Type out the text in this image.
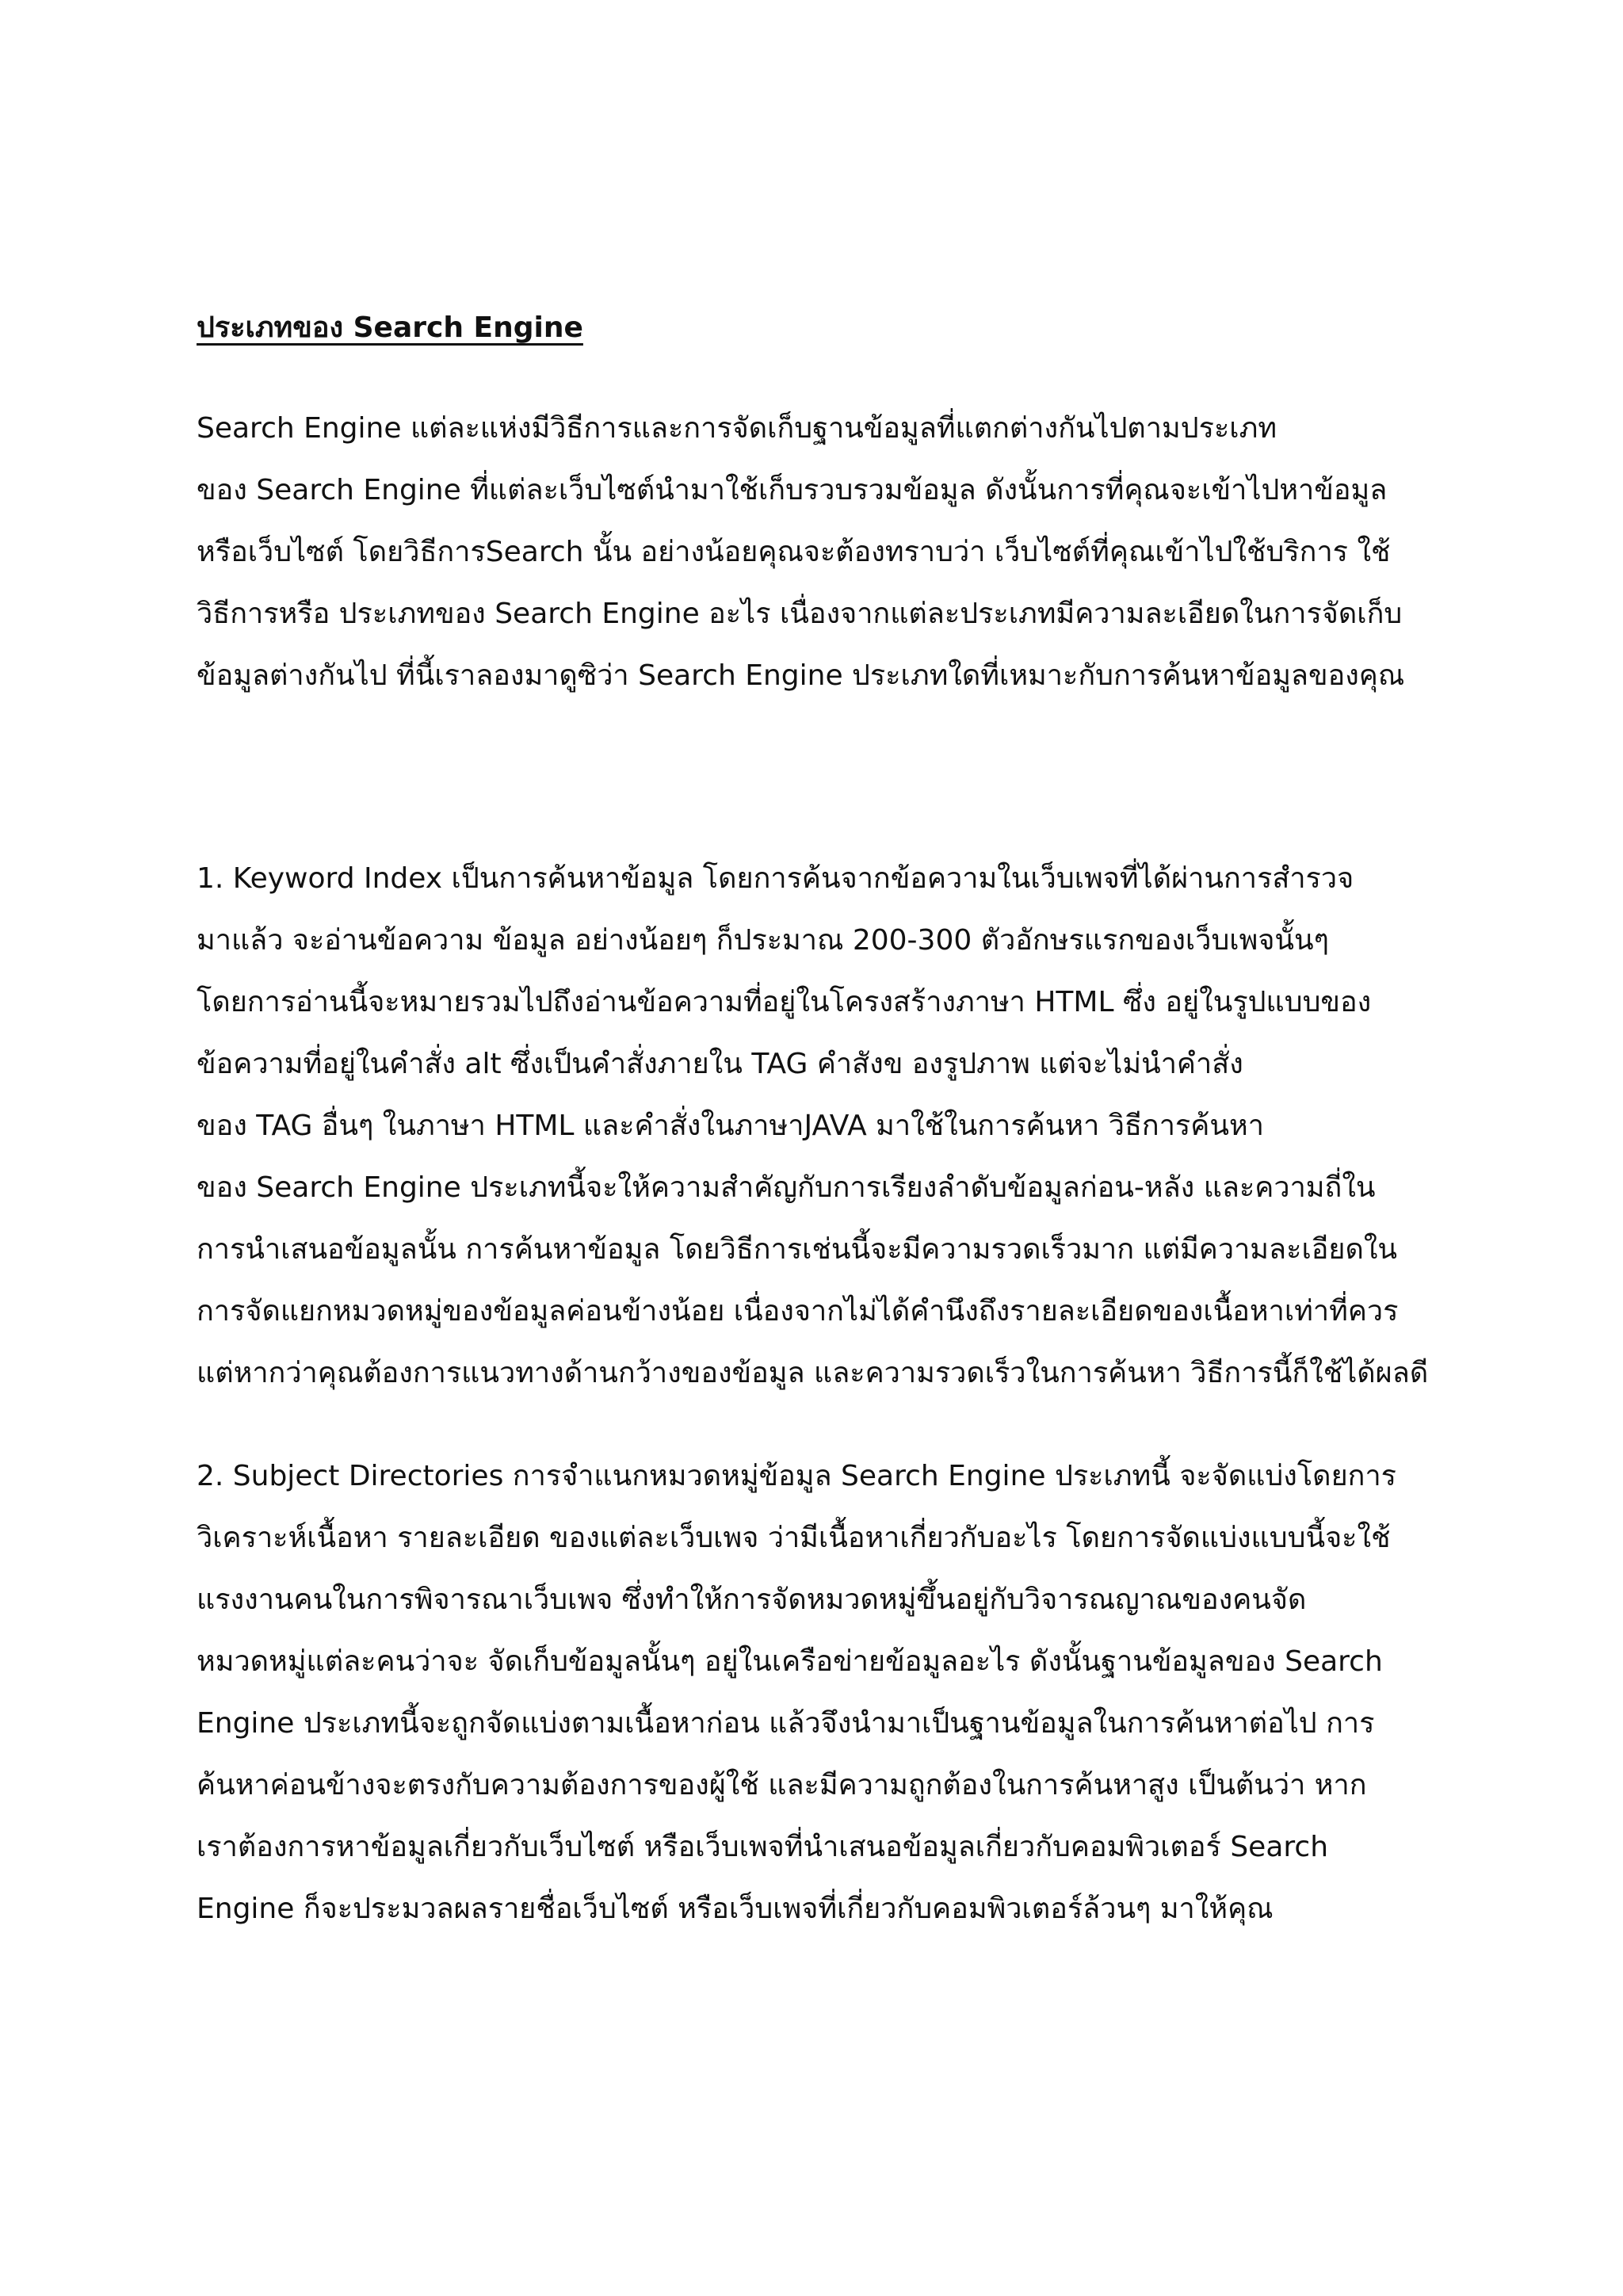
ประเภทของ Search Engine
Search Engine แต่ละแห่งมีวิธีการและการจัดเก็บฐานข้อมูลที่แตกต่างกันไปตามประเภท
ของ Search Engine ที่แต่ละเว็บไซต์นำมาใช้เก็บรวบรวมข้อมูล ดังนั้นการที่คุณจะเข้าไปหาข้อมูล
หรือเว็บไซต์ โดยวิธีการSearch นั้น อย่างน้อยคุณจะต้องทราบว่า เว็บไซต์ที่คุณเข้าไปใช้บริการ ใช้
วิธีการหรือ ประเภทของ Search Engine อะไร เนื่องจากแต่ละประเภทมีความละเอียดในการจัดเก็บ
ข้อมูลต่างกันไป ที่นี้เราลองมาดูซิว่า Search Engine ประเภทใดที่เหมาะกับการค้นหาข้อมูลของคุณ
1. Keyword Index เป็นการค้นหาข้อมูล โดยการค้นจากข้อความในเว็บเพจที่ได้ผ่านการสำรวจ
มาแล้ว จะอ่านข้อความ ข้อมูล อย่างน้อยๆ ก็ประมาณ 200-300 ตัวอักษรแรกของเว็บเพจนั้นๆ
โดยการอ่านนี้จะหมายรวมไปถึงอ่านข้อความที่อยู่ในโครงสร้างภาษา HTML ซึ่ง อยู่ในรูปแบบของ
ข้อความที่อยู่ในคำสั่ง alt ซึ่งเป็นคำสั่งภายใน TAG คำสังข องรูปภาพ แต่จะไม่นำคำสั่ง
ของ TAG อื่นๆ ในภาษา HTML และคำสั่งในภาษาJAVA มาใช้ในการค้นหา วิธีการค้นหา
ของ Search Engine ประเภทนี้จะให้ความสำคัญกับการเรียงลำดับข้อมูลก่อน-หลัง และความถี่ใน
การนำเสนอข้อมูลนั้น การค้นหาข้อมูล โดยวิธีการเช่นนี้จะมีความรวดเร็วมาก แต่มีความละเอียดใน
การจัดแยกหมวดหมู่ของข้อมูลค่อนข้างน้อย เนื่องจากไม่ได้คำนึงถึงรายละเอียดของเนื้อหาเท่าที่ควร
แต่หากว่าคุณต้องการแนวทางด้านกว้างของข้อมูล และความรวดเร็วในการค้นหา วิธีการนี้ก็ใช้ได้ผลดี
2. Subject Directories การจำแนกหมวดหมู่ข้อมูล Search Engine ประเภทนี้ จะจัดแบ่งโดยการ
วิเคราะห์เนื้อหา รายละเอียด ของแต่ละเว็บเพจ ว่ามีเนื้อหาเกี่ยวกับอะไร โดยการจัดแบ่งแบบนี้จะใช้
แรงงานคนในการพิจารณาเว็บเพจ ซึ่งทำให้การจัดหมวดหมู่ขึ้นอยู่กับวิจารณญาณของคนจัด
หมวดหมู่แต่ละคนว่าจะ จัดเก็บข้อมูลนั้นๆ อยู่ในเครือข่ายข้อมูลอะไร ดังนั้นฐานข้อมูลของ Search
Engine ประเภทนี้จะถูกจัดแบ่งตามเนื้อหาก่อน แล้วจึงนำมาเป็นฐานข้อมูลในการค้นหาต่อไป การ
ค้นหาค่อนข้างจะตรงกับความต้องการของผู้ใช้ และมีความถูกต้องในการค้นหาสูง เป็นต้นว่า หาก
เราต้องการหาข้อมูลเกี่ยวกับเว็บไซต์ หรือเว็บเพจที่นำเสนอข้อมูลเกี่ยวกับคอมพิวเตอร์ Search
Engine ก็จะประมวลผลรายชื่อเว็บไซต์ หรือเว็บเพจที่เกี่ยวกับคอมพิวเตอร์ล้วนๆ มาให้คุณ
